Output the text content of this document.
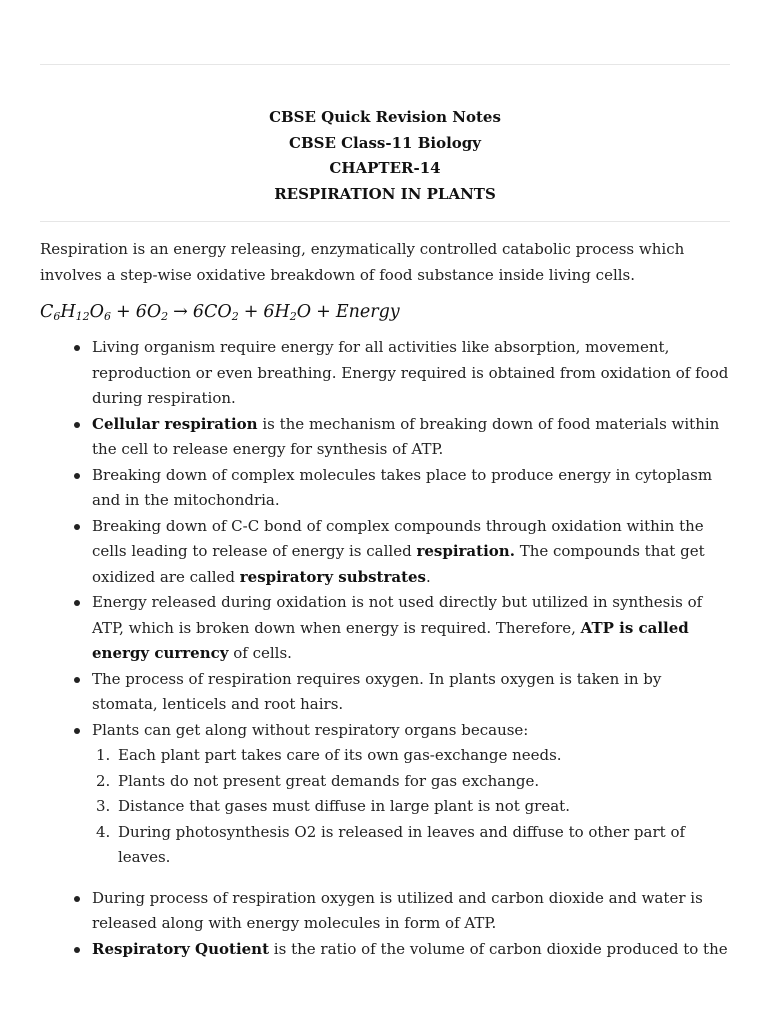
CBSE Quick Revision Notes
CBSE Class-11 Biology
CHAPTER-14
RESPIRATION IN PLANTS

Respiration is an energy releasing, enzymatically controlled catabolic process which involves a step-wise oxidative breakdown of food substance inside living cells.

$C_6H_{12}O_6 + 6O_2 \to 6CO_2 + 6H_2O$ + Energy
Living organism require energy for all activities like absorption, movement, reproduction or even breathing. Energy required is obtained from oxidation of food during respiration.
Cellular respiration is the mechanism of breaking down of food materials within the cell to release energy for synthesis of ATP.
Breaking down of complex molecules takes place to produce energy in cytoplasm and in the mitochondria.
Breaking down of C-C bond of complex compounds through oxidation within the cells leading to release of energy is called respiration. The compounds that get oxidized are called respiratory substrates.
Energy released during oxidation is not used directly but utilized in synthesis of ATP, which is broken down when energy is required. Therefore, ATP is called energy currency of cells.
The process of respiration requires oxygen. In plants oxygen is taken in by stomata, lenticels and root hairs.
Plants can get along without respiratory organs because:
1. Each plant part takes care of its own gas-exchange needs.
2. Plants do not present great demands for gas exchange.
3. Distance that gases must diffuse in large plant is not great.
4. During photosynthesis O2 is released in leaves and diffuse to other part of leaves.
During process of respiration oxygen is utilized and carbon dioxide and water is released along with energy molecules in form of ATP.
Respiratory Quotient is the ratio of the volume of carbon dioxide produced to the
